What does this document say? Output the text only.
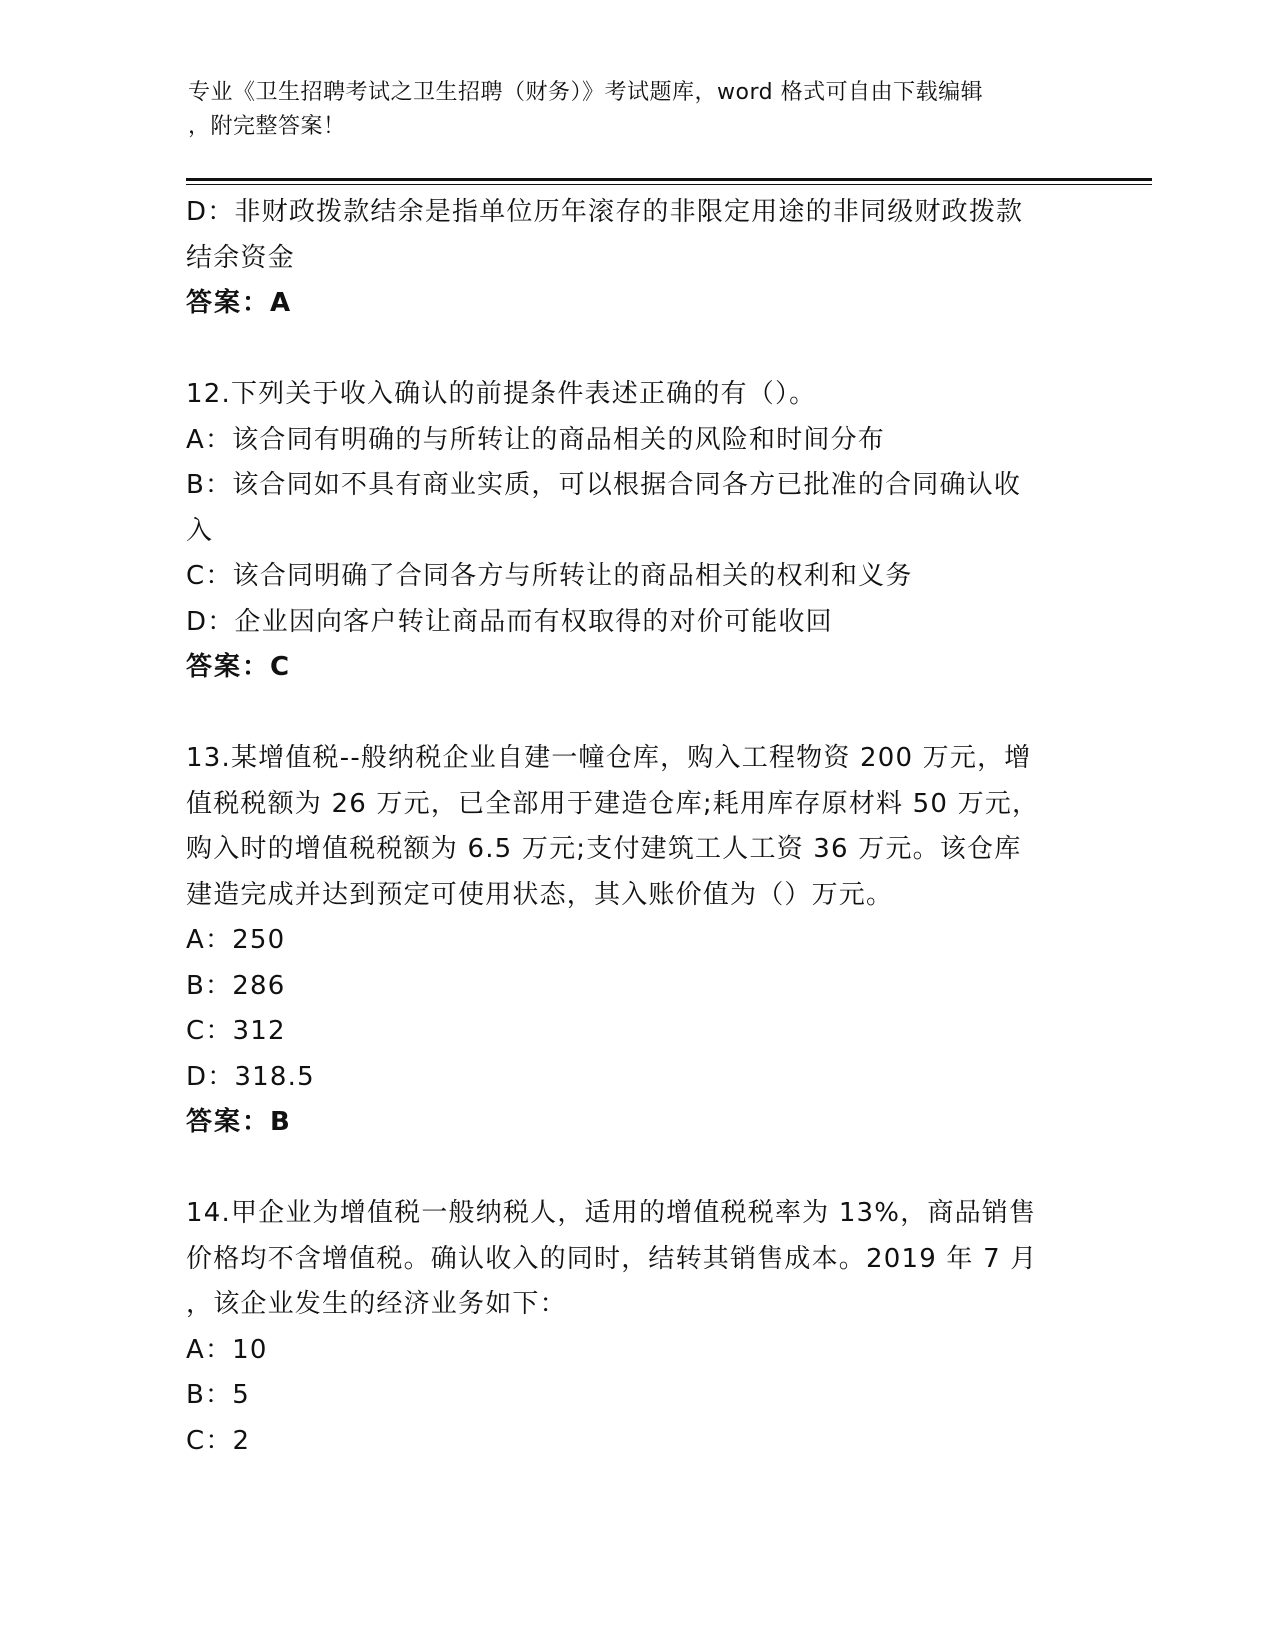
专业《卫生招聘考试之卫生招聘（财务）》考试题库，word 格式可自由下载编辑
，附完整答案！

D：非财政拨款结余是指单位历年滚存的非限定用途的非同级财政拨款

结余资金

答案：A

12.下列关于收入确认的前提条件表述正确的有（）。

A：该合同有明确的与所转让的商品相关的风险和时间分布

B：该合同如不具有商业实质，可以根据合同各方已批准的合同确认收

入

C：该合同明确了合同各方与所转让的商品相关的权利和义务

D：企业因向客户转让商品而有权取得的对价可能收回

答案：C

13.某增值税--般纳税企业自建一幢仓库，购入工程物资 200 万元，增

值税税额为 26 万元，已全部用于建造仓库;耗用库存原材料 50 万元，

购入时的增值税税额为 6.5 万元;支付建筑工人工资 36 万元。该仓库

建造完成并达到预定可使用状态，其入账价值为（）万元。

A：250

B：286

C：312

D：318.5

答案：B

14.甲企业为增值税一般纳税人，适用的增值税税率为 13%，商品销售

价格均不含增值税。确认收入的同时，结转其销售成本。2019 年 7 月

，该企业发生的经济业务如下：

A：10

B：5

C：2
